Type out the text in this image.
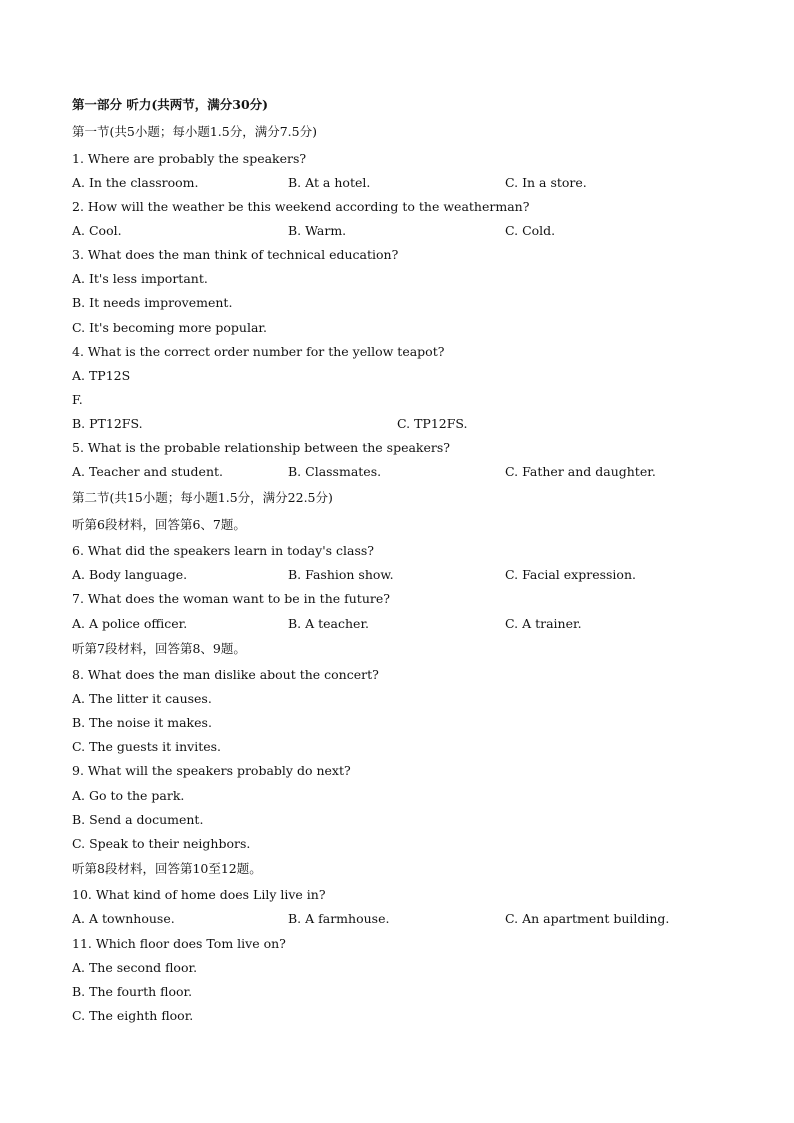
第一部分 听力(共两节，满分30分)
第一节(共5小题；每小题1.5分，满分7.5分)
1. Where are probably the speakers?
A. In the classroom.	B. At a hotel.	C. In a store.
2. How will the weather be this weekend according to the weatherman?
A. Cool.	B. Warm.	C. Cold.
3. What does the man think of technical education?
A. It's less important.
B. It needs improvement.
C. It's becoming more popular.
4. What is the correct order number for the yellow teapot?
A. TP12S
F.
B. PT12FS.	C. TP12FS.
5. What is the probable relationship between the speakers?
A. Teacher and student.	B. Classmates.	C. Father and daughter.
第二节(共15小题；每小题1.5分，满分22.5分)
听第6段材料，回答第6、7题。
6. What did the speakers learn in today's class?
A. Body language.	B. Fashion show.	C. Facial expression.
7. What does the woman want to be in the future?
A. A police officer.	B. A teacher.	C. A trainer.
听第7段材料，回答第8、9题。
8. What does the man dislike about the concert?
A. The litter it causes.
B. The noise it makes.
C. The guests it invites.
9. What will the speakers probably do next?
A. Go to the park.
B. Send a document.
C. Speak to their neighbors.
听第8段材料，回答第10至12题。
10. What kind of home does Lily live in?
A. A townhouse.	B. A farmhouse.	C. An apartment building.
11. Which floor does Tom live on?
A. The second floor.
B. The fourth floor.
C. The eighth floor.
